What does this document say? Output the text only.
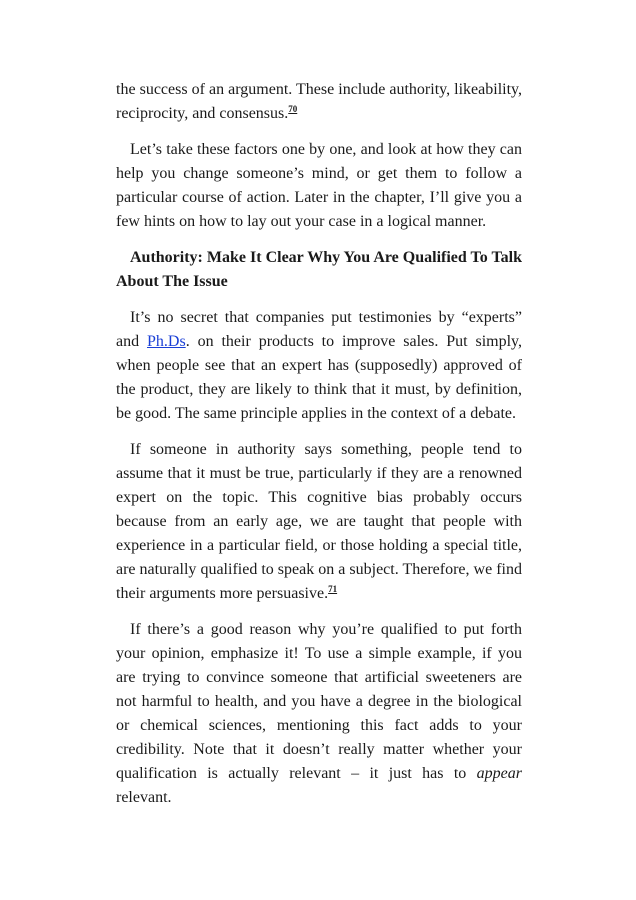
the success of an argument. These include authority, likeability, reciprocity, and consensus.$^{70}$

Let’s take these factors one by one, and look at how they can help you change someone’s mind, or get them to follow a particular course of action. Later in the chapter, I’ll give you a few hints on how to lay out your case in a logical manner.

Authority: Make It Clear Why You Are Qualified To Talk About The Issue

It’s no secret that companies put testimonies by “experts” and Ph.Ds. on their products to improve sales. Put simply, when people see that an expert has (supposedly) approved of the product, they are likely to think that it must, by definition, be good. The same principle applies in the context of a debate.

If someone in authority says something, people tend to assume that it must be true, particularly if they are a renowned expert on the topic. This cognitive bias probably occurs because from an early age, we are taught that people with experience in a particular field, or those holding a special title, are naturally qualified to speak on a subject. Therefore, we find their arguments more persuasive.$^{71}$

If there’s a good reason why you’re qualified to put forth your opinion, emphasize it! To use a simple example, if you are trying to convince someone that artificial sweeteners are not harmful to health, and you have a degree in the biological or chemical sciences, mentioning this fact adds to your credibility. Note that it doesn’t really matter whether your qualification is actually relevant – it just has to appear relevant.
